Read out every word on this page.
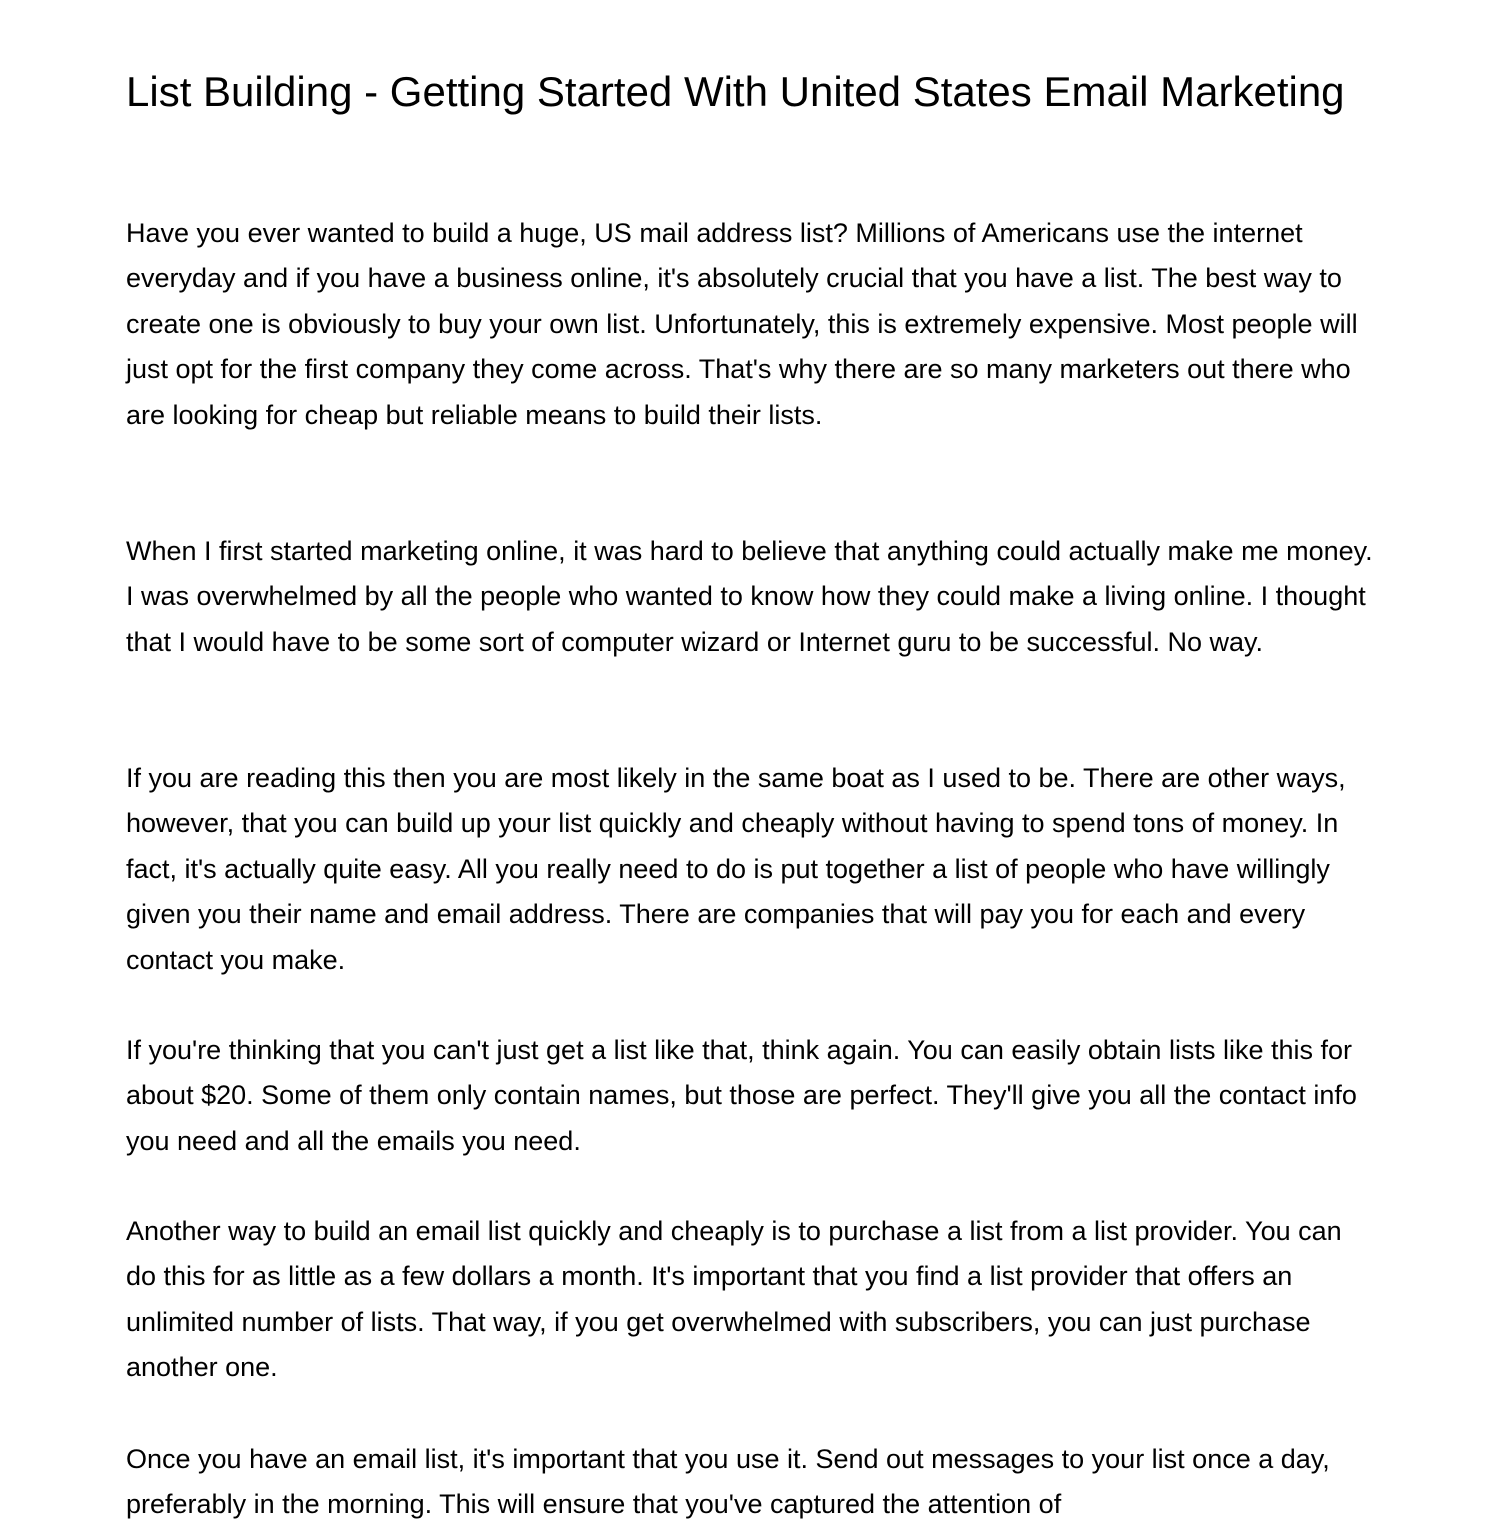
List Building - Getting Started With United States Email Marketing

Have you ever wanted to build a huge, US mail address list? Millions of Americans use the internet everyday and if you have a business online, it's absolutely crucial that you have a list. The best way to create one is obviously to buy your own list. Unfortunately, this is extremely expensive. Most people will just opt for the first company they come across. That's why there are so many marketers out there who are looking for cheap but reliable means to build their lists.

When I first started marketing online, it was hard to believe that anything could actually make me money. I was overwhelmed by all the people who wanted to know how they could make a living online. I thought that I would have to be some sort of computer wizard or Internet guru to be successful. No way.

If you are reading this then you are most likely in the same boat as I used to be. There are other ways, however, that you can build up your list quickly and cheaply without having to spend tons of money. In fact, it's actually quite easy. All you really need to do is put together a list of people who have willingly given you their name and email address. There are companies that will pay you for each and every contact you make.

If you're thinking that you can't just get a list like that, think again. You can easily obtain lists like this for about $20. Some of them only contain names, but those are perfect. They'll give you all the contact info you need and all the emails you need.

Another way to build an email list quickly and cheaply is to purchase a list from a list provider. You can do this for as little as a few dollars a month. It's important that you find a list provider that offers an unlimited number of lists. That way, if you get overwhelmed with subscribers, you can just purchase another one.

Once you have an email list, it's important that you use it. Send out messages to your list once a day, preferably in the morning. This will ensure that you've captured the attention of
